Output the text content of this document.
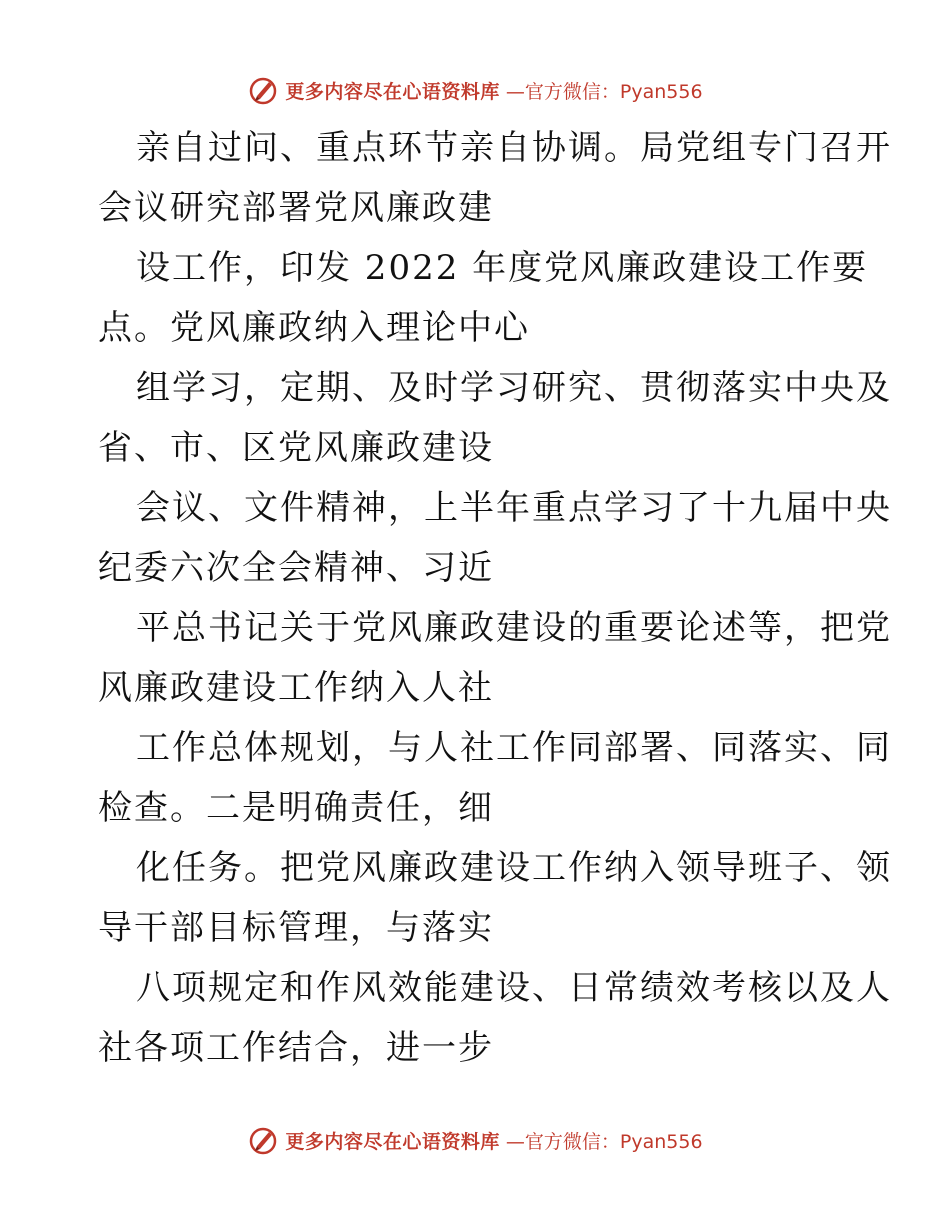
更多内容尽在心语资料库 —官方微信：Pyan556
亲自过问、重点环节亲自协调。局党组专门召开
会议研究部署党风廉政建
设工作，印发 2022 年度党风廉政建设工作要
点。党风廉政纳入理论中心
组学习，定期、及时学习研究、贯彻落实中央及
省、市、区党风廉政建设
会议、文件精神，上半年重点学习了十九届中央
纪委六次全会精神、习近
平总书记关于党风廉政建设的重要论述等，把党
风廉政建设工作纳入人社
工作总体规划，与人社工作同部署、同落实、同
检查。二是明确责任，细
化任务。把党风廉政建设工作纳入领导班子、领
导干部目标管理，与落实
八项规定和作风效能建设、日常绩效考核以及人
社各项工作结合，进一步
更多内容尽在心语资料库 —官方微信：Pyan556
